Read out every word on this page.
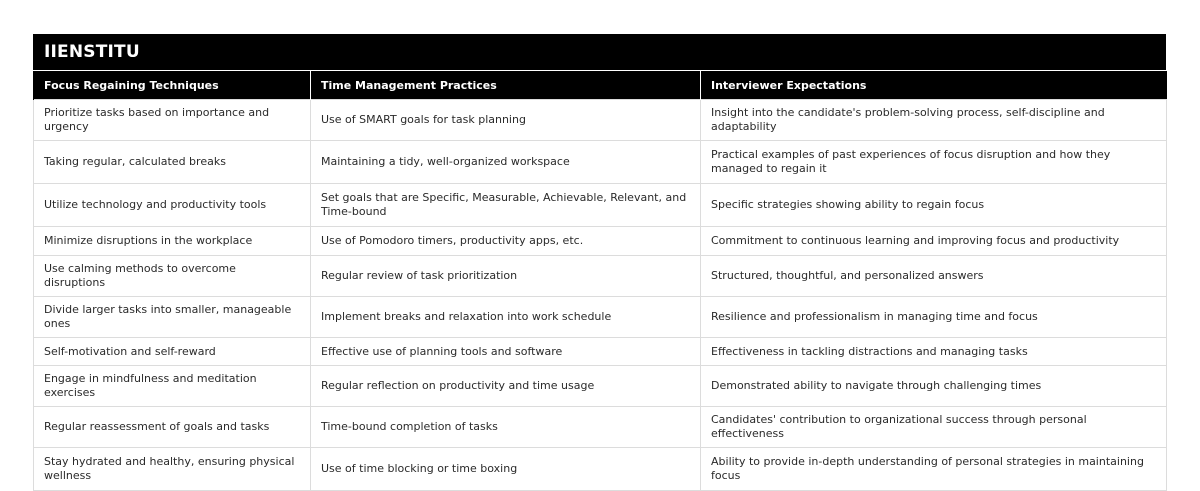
IIENSTITU
Focus Regaining Techniques	Time Management Practices	Interviewer Expectations
Prioritize tasks based on importance and urgency	Use of SMART goals for task planning	Insight into the candidate's problem-solving process, self-discipline and adaptability
Taking regular, calculated breaks	Maintaining a tidy, well-organized workspace	Practical examples of past experiences of focus disruption and how they managed to regain it
Utilize technology and productivity tools	Set goals that are Specific, Measurable, Achievable, Relevant, and Time-bound	Specific strategies showing ability to regain focus
Minimize disruptions in the workplace	Use of Pomodoro timers, productivity apps, etc.	Commitment to continuous learning and improving focus and productivity
Use calming methods to overcome disruptions	Regular review of task prioritization	Structured, thoughtful, and personalized answers
Divide larger tasks into smaller, manageable ones	Implement breaks and relaxation into work schedule	Resilience and professionalism in managing time and focus
Self-motivation and self-reward	Effective use of planning tools and software	Effectiveness in tackling distractions and managing tasks
Engage in mindfulness and meditation exercises	Regular reflection on productivity and time usage	Demonstrated ability to navigate through challenging times
Regular reassessment of goals and tasks	Time-bound completion of tasks	Candidates' contribution to organizational success through personal effectiveness
Stay hydrated and healthy, ensuring physical wellness	Use of time blocking or time boxing	Ability to provide in-depth understanding of personal strategies in maintaining focus
